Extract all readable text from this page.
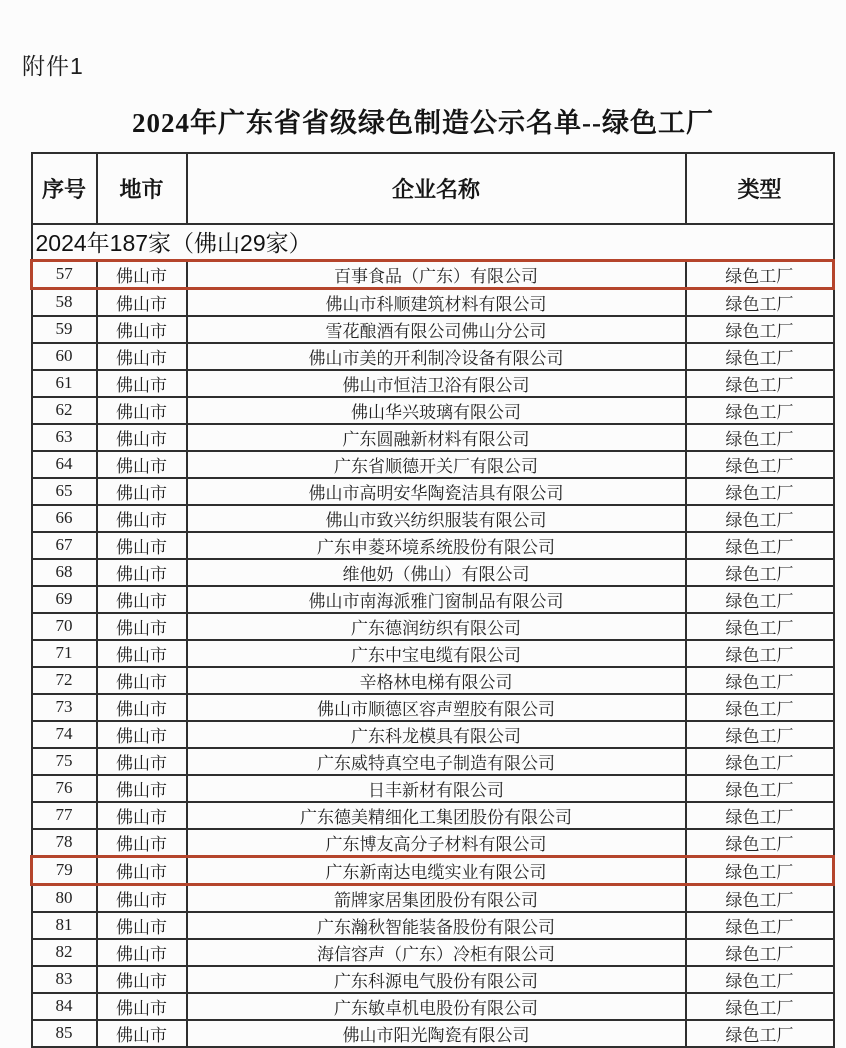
附件1
2024年广东省省级绿色制造公示名单--绿色工厂
序号	地市	企业名称	类型
2024年187家（佛山29家）			
57	佛山市	百事食品（广东）有限公司	绿色工厂
58	佛山市	佛山市科顺建筑材料有限公司	绿色工厂
59	佛山市	雪花酿酒有限公司佛山分公司	绿色工厂
60	佛山市	佛山市美的开利制冷设备有限公司	绿色工厂
61	佛山市	佛山市恒洁卫浴有限公司	绿色工厂
62	佛山市	佛山华兴玻璃有限公司	绿色工厂
63	佛山市	广东圆融新材料有限公司	绿色工厂
64	佛山市	广东省顺德开关厂有限公司	绿色工厂
65	佛山市	佛山市高明安华陶瓷洁具有限公司	绿色工厂
66	佛山市	佛山市致兴纺织服装有限公司	绿色工厂
67	佛山市	广东申菱环境系统股份有限公司	绿色工厂
68	佛山市	维他奶（佛山）有限公司	绿色工厂
69	佛山市	佛山市南海派雅门窗制品有限公司	绿色工厂
70	佛山市	广东德润纺织有限公司	绿色工厂
71	佛山市	广东中宝电缆有限公司	绿色工厂
72	佛山市	辛格林电梯有限公司	绿色工厂
73	佛山市	佛山市顺德区容声塑胶有限公司	绿色工厂
74	佛山市	广东科龙模具有限公司	绿色工厂
75	佛山市	广东威特真空电子制造有限公司	绿色工厂
76	佛山市	日丰新材有限公司	绿色工厂
77	佛山市	广东德美精细化工集团股份有限公司	绿色工厂
78	佛山市	广东博友高分子材料有限公司	绿色工厂
79	佛山市	广东新南达电缆实业有限公司	绿色工厂
80	佛山市	箭牌家居集团股份有限公司	绿色工厂
81	佛山市	广东瀚秋智能装备股份有限公司	绿色工厂
82	佛山市	海信容声（广东）冷柜有限公司	绿色工厂
83	佛山市	广东科源电气股份有限公司	绿色工厂
84	佛山市	广东敏卓机电股份有限公司	绿色工厂
85	佛山市	佛山市阳光陶瓷有限公司	绿色工厂
